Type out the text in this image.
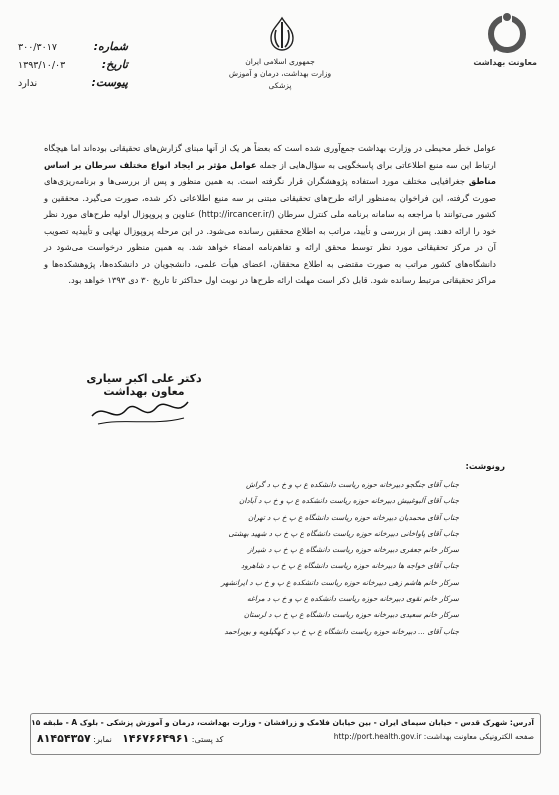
معاونت بهداشت
جمهوری اسلامی ایران
وزارت بهداشت، درمان و آموزش پزشکی
شماره:
۳۰۰/۳۰۱۷
تاریخ:
۱۳۹۳/۱۰/۰۳
پیوست:
ندارد

عوامل خطر محیطی در وزارت بهداشت جمع‌آوری شده است که بعضاً هر یک از آنها مبنای گزارش‌های تحقیقاتی بوده‌اند اما هیچگاه ارتباط این سه منبع اطلاعاتی برای پاسخگویی به سؤال‌هایی از جمله عوامل مؤثر بر ایجاد انواع مختلف سرطان بر اساس مناطق جغرافیایی مختلف مورد استفاده پژوهشگران قرار نگرفته است. به همین منظور و پس از بررسی‌ها و برنامه‌ریزی‌های صورت گرفته، این فراخوان به‌منظور ارائه طرح‌های تحقیقاتی مبتنی بر سه منبع اطلاعاتی ذکر شده، صورت می‌گیرد. محققین و کشور می‌توانند با مراجعه به سامانه برنامه ملی کنترل سرطان (http://ircancer.ir/) عناوین و پروپوزال اولیه طرح‌های مورد نظر خود را ارائه دهند. پس از بررسی و تأیید، مراتب به اطلاع محققین رسانده می‌شود. در این مرحله پروپوزال نهایی و تأییدیه تصویب آن در مرکز تحقیقاتی مورد نظر توسط محقق ارائه و تفاهم‌نامه امضاء خواهد شد. به همین منظور درخواست می‌شود در دانشگاه‌های کشور مراتب به صورت مقتضی به اطلاع محققان، اعضای هیأت علمی، دانشجویان در دانشکده‌ها، پژوهشکده‌ها و مراکز تحقیقاتی مرتبط رسانده شود. قابل ذکر است مهلت ارائه طرح‌ها در نوبت اول حداکثر تا تاریخ ۳۰ دی ۱۳۹۳ خواهد بود.

دکتر علی اکبر سیاری
معاون بهداشت
رونوشت:
جناب آقای جنگجو دبیرخانه حوزه ریاست دانشکده ع پ و خ ب د گراش
جناب آقای آلبوغبیش دبیرخانه حوزه ریاست دانشکده ع پ و خ ب د آبادان
جناب آقای محمدیان دبیرخانه حوزه ریاست دانشگاه ع پ خ ب د تهران
جناب آقای پاواخانی دبیرخانه حوزه ریاست دانشگاه ع پ خ ب د شهید بهشتی
سرکار خانم جعفری دبیرخانه حوزه ریاست دانشگاه ع پ خ ب د شیراز
جناب آقای خواجه ها دبیرخانه حوزه ریاست دانشگاه ع پ خ ب د شاهرود
سرکار خانم هاشم زهی دبیرخانه حوزه ریاست دانشکده ع پ و خ ب د ایرانشهر
سرکار خانم نقوی دبیرخانه حوزه ریاست دانشکده ع پ و خ ب د مراغه
سرکار خانم سعیدی دبیرخانه حوزه ریاست دانشگاه ع پ خ ب د لرستان
جناب آقای ... دبیرخانه حوزه ریاست دانشگاه ع پ خ ب د کهگیلویه و بویراحمد
آدرس: شهرک قدس - خیابان سیمای ایران - بین خیابان فلامک و زرافشان - وزارت بهداشت، درمان و آموزش پزشکی - بلوک A - طبقه ۱۵
صفحه الکترونیکی معاونت بهداشت: http://port.health.gov.ir
کد پستی: ۱۴۶۷۶۶۴۹۶۱    نمابر: ۸۱۴۵۴۳۵۷
